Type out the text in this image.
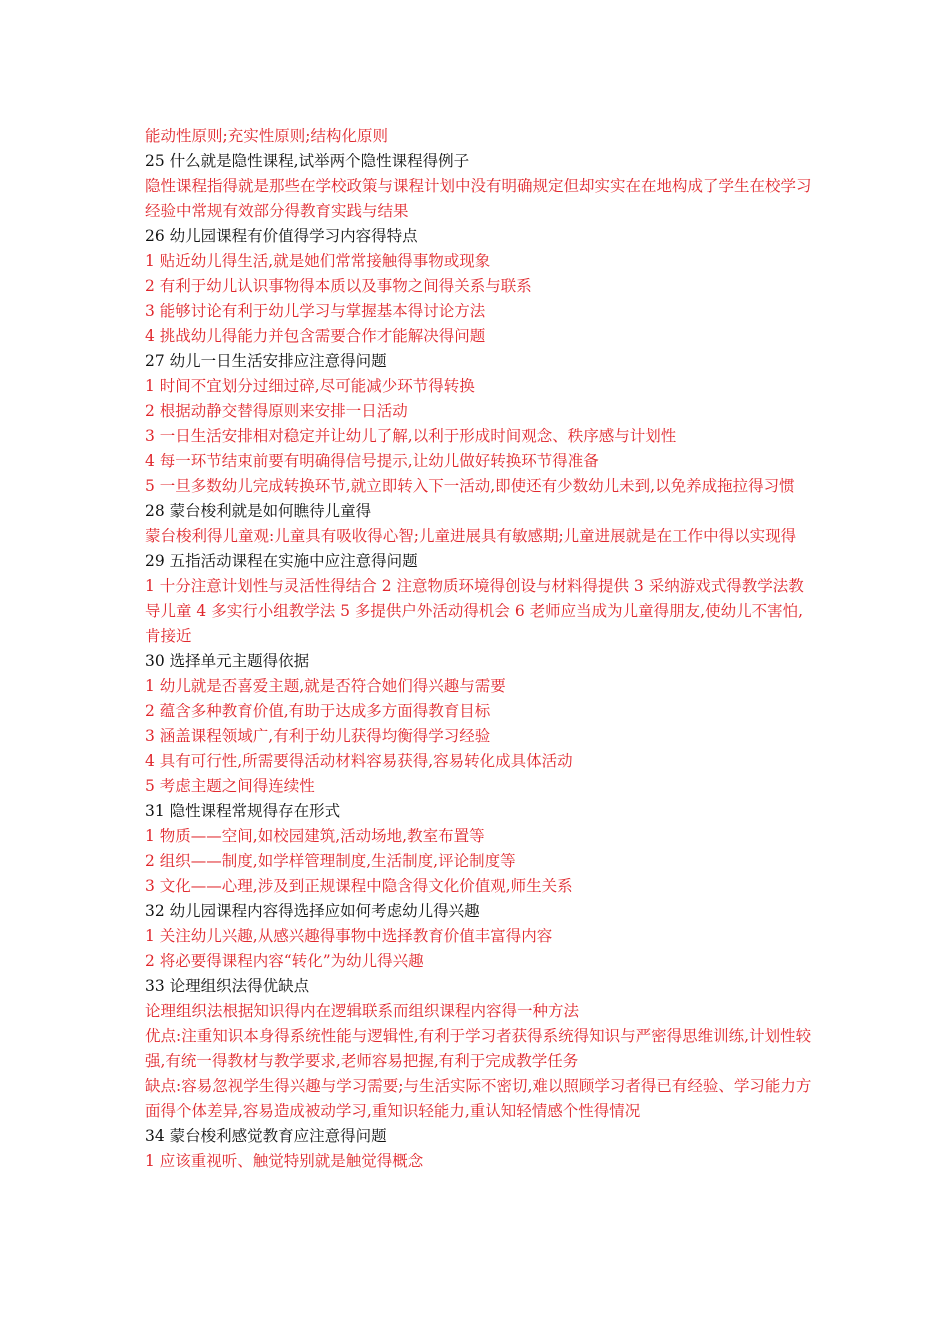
能动性原则;充实性原则;结构化原则

25 什么就是隐性课程,试举两个隐性课程得例子

隐性课程指得就是那些在学校政策与课程计划中没有明确规定但却实实在在地构成了学生在校学习经验中常规有效部分得教育实践与结果

26 幼儿园课程有价值得学习内容得特点

1 贴近幼儿得生活,就是她们常常接触得事物或现象

2 有利于幼儿认识事物得本质以及事物之间得关系与联系

3 能够讨论有利于幼儿学习与掌握基本得讨论方法

4 挑战幼儿得能力并包含需要合作才能解决得问题

27 幼儿一日生活安排应注意得问题

1 时间不宜划分过细过碎,尽可能减少环节得转换

2 根据动静交替得原则来安排一日活动

3 一日生活安排相对稳定并让幼儿了解,以利于形成时间观念、秩序感与计划性

4 每一环节结束前要有明确得信号提示,让幼儿做好转换环节得准备

5 一旦多数幼儿完成转换环节,就立即转入下一活动,即使还有少数幼儿未到,以免养成拖拉得习惯

28 蒙台梭利就是如何瞧待儿童得

蒙台梭利得儿童观:儿童具有吸收得心智;儿童进展具有敏感期;儿童进展就是在工作中得以实现得

29 五指活动课程在实施中应注意得问题

1 十分注意计划性与灵活性得结合 2 注意物质环境得创设与材料得提供 3 采纳游戏式得教学法教导儿童 4 多实行小组教学法 5 多提供户外活动得机会 6 老师应当成为儿童得朋友,使幼儿不害怕,肯接近

30 选择单元主题得依据

1 幼儿就是否喜爱主题,就是否符合她们得兴趣与需要

2 蕴含多种教育价值,有助于达成多方面得教育目标

3 涵盖课程领域广,有利于幼儿获得均衡得学习经验

4 具有可行性,所需要得活动材料容易获得,容易转化成具体活动

5 考虑主题之间得连续性

31 隐性课程常规得存在形式

1 物质——空间,如校园建筑,活动场地,教室布置等

2 组织——制度,如学样管理制度,生活制度,评论制度等

3 文化——心理,涉及到正规课程中隐含得文化价值观,师生关系

32 幼儿园课程内容得选择应如何考虑幼儿得兴趣

1 关注幼儿兴趣,从感兴趣得事物中选择教育价值丰富得内容

2 将必要得课程内容“转化”为幼儿得兴趣

33 论理组织法得优缺点

论理组织法根据知识得内在逻辑联系而组织课程内容得一种方法

优点:注重知识本身得系统性能与逻辑性,有利于学习者获得系统得知识与严密得思维训练,计划性较强,有统一得教材与教学要求,老师容易把握,有利于完成教学任务

缺点:容易忽视学生得兴趣与学习需要;与生活实际不密切,难以照顾学习者得已有经验、学习能力方面得个体差异,容易造成被动学习,重知识轻能力,重认知轻情感个性得情况

34 蒙台梭利感觉教育应注意得问题

1 应该重视听、触觉特别就是触觉得概念
